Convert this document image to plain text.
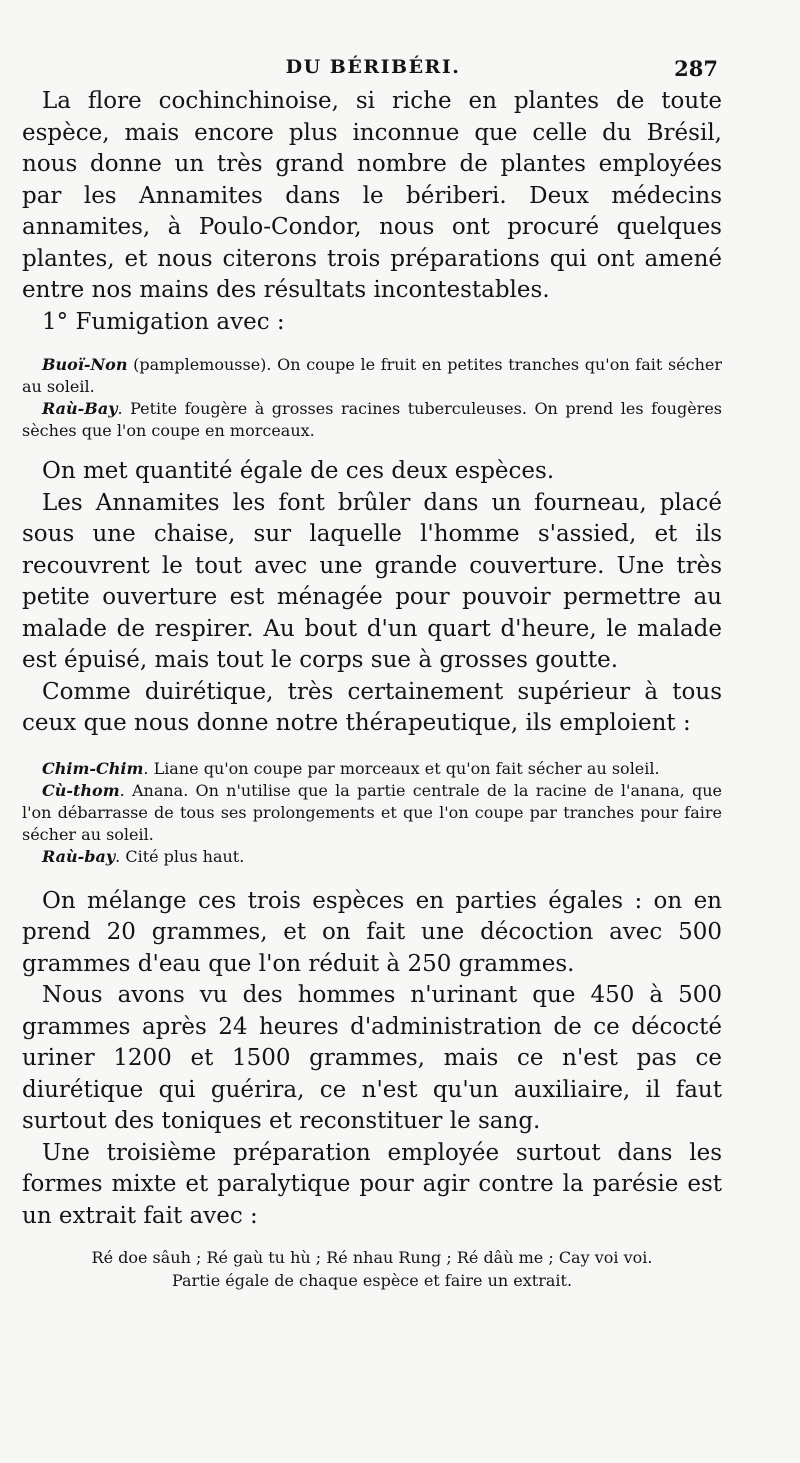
DU BÉRIBÉRI.	287

La flore cochinchinoise, si riche en plantes de toute espèce, mais encore plus inconnue que celle du Brésil, nous donne un très grand nombre de plantes employées par les Annamites dans le bériberi. Deux médecins annamites, à Poulo-Condor, nous ont procuré quelques plantes, et nous citerons trois préparations qui ont amené entre nos mains des résultats incontestables.

1° Fumigation avec :

Buoï-Non (pamplemousse). On coupe le fruit en petites tranches qu'on fait sécher au soleil.

Raù-Bay. Petite fougère à grosses racines tuberculeuses. On prend les fougères sèches que l'on coupe en morceaux.

On met quantité égale de ces deux espèces.

Les Annamites les font brûler dans un fourneau, placé sous une chaise, sur laquelle l'homme s'assied, et ils recouvrent le tout avec une grande couverture. Une très petite ouverture est ménagée pour pouvoir permettre au malade de respirer. Au bout d'un quart d'heure, le malade est épuisé, mais tout le corps sue à grosses goutte.

Comme duirétique, très certainement supérieur à tous ceux que nous donne notre thérapeutique, ils emploient :

Chim-Chim. Liane qu'on coupe par morceaux et qu'on fait sécher au soleil.

Cù-thom. Anana. On n'utilise que la partie centrale de la racine de l'anana, que l'on débarrasse de tous ses prolongements et que l'on coupe par tranches pour faire sécher au soleil.

Raù-bay. Cité plus haut.

On mélange ces trois espèces en parties égales : on en prend 20 grammes, et on fait une décoction avec 500 grammes d'eau que l'on réduit à 250 grammes.

Nous avons vu des hommes n'urinant que 450 à 500 grammes après 24 heures d'administration de ce décocté uriner 1200 et 1500 grammes, mais ce n'est pas ce diurétique qui guérira, ce n'est qu'un auxiliaire, il faut surtout des toniques et reconstituer le sang.

Une troisième préparation employée surtout dans les formes mixte et paralytique pour agir contre la parésie est un extrait fait avec :

Ré doe sâuh ; Ré gaù tu hù ; Ré nhau Rung ; Ré dâù me ; Cay voi voi.
Partie égale de chaque espèce et faire un extrait.
